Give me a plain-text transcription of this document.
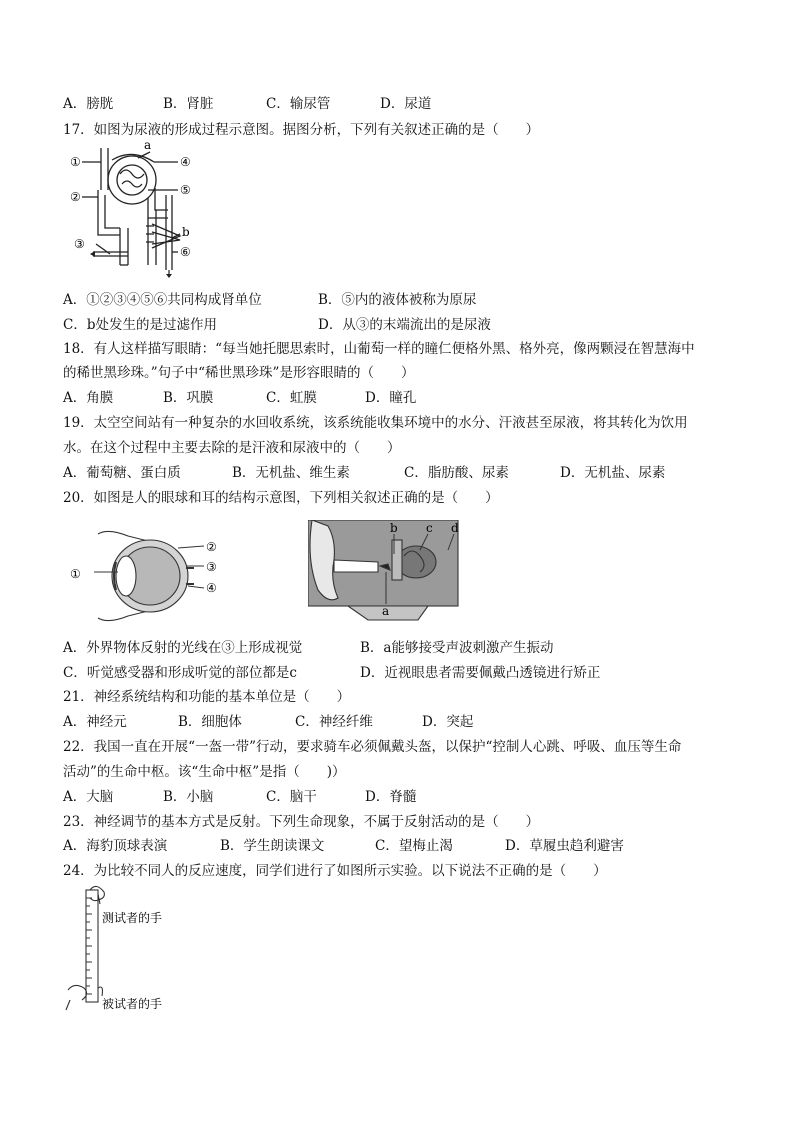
A．膀胱	B．肾脏	C．输尿管	D．尿道
17．如图为尿液的形成过程示意图。据图分析，下列有关叙述正确的是（　　）
①
②
③
④
⑤
⑥
a
b
A．①②③④⑤⑥共同构成肾单位	B．⑤内的液体被称为原尿
C．b处发生的是过滤作用	D．从③的末端流出的是尿液
18．有人这样描写眼睛：“每当她托腮思索时，山葡萄一样的瞳仁便格外黑、格外亮，像两颗浸在智慧海中
的稀世黑珍珠。”句子中“稀世黑珍珠”是形容眼睛的（　　）
A．角膜	B．巩膜	C．虹膜	D．瞳孔
19．太空空间站有一种复杂的水回收系统，该系统能收集环境中的水分、汗液甚至尿液，将其转化为饮用
水。在这个过程中主要去除的是汗液和尿液中的（　　）
A．葡萄糖、蛋白质	B．无机盐、维生素	C．脂肪酸、尿素	D．无机盐、尿素
20．如图是人的眼球和耳的结构示意图，下列相关叙述正确的是（　　）
①
②
③
④
b c d
a
A．外界物体反射的光线在③上形成视觉	B．a能够接受声波刺激产生振动
C．听觉感受器和形成听觉的部位都是c	D．近视眼患者需要佩戴凸透镜进行矫正
21．神经系统结构和功能的基本单位是（　　）
A．神经元	B．细胞体	C．神经纤维	D．突起
22．我国一直在开展“一盔一带”行动，要求骑车必须佩戴头盔，以保护“控制人心跳、呼吸、血压等生命
活动”的生命中枢。该“生命中枢”是指（　　)）
A．大脑	B．小脑	C．脑干	D．脊髓
23．神经调节的基本方式是反射。下列生命现象，不属于反射活动的是（　　）
A．海豹顶球表演	B．学生朗读课文	C．望梅止渴	D．草履虫趋利避害
24．为比较不同人的反应速度，同学们进行了如图所示实验。以下说法不正确的是（　　）
测试者的手
被试者的手
